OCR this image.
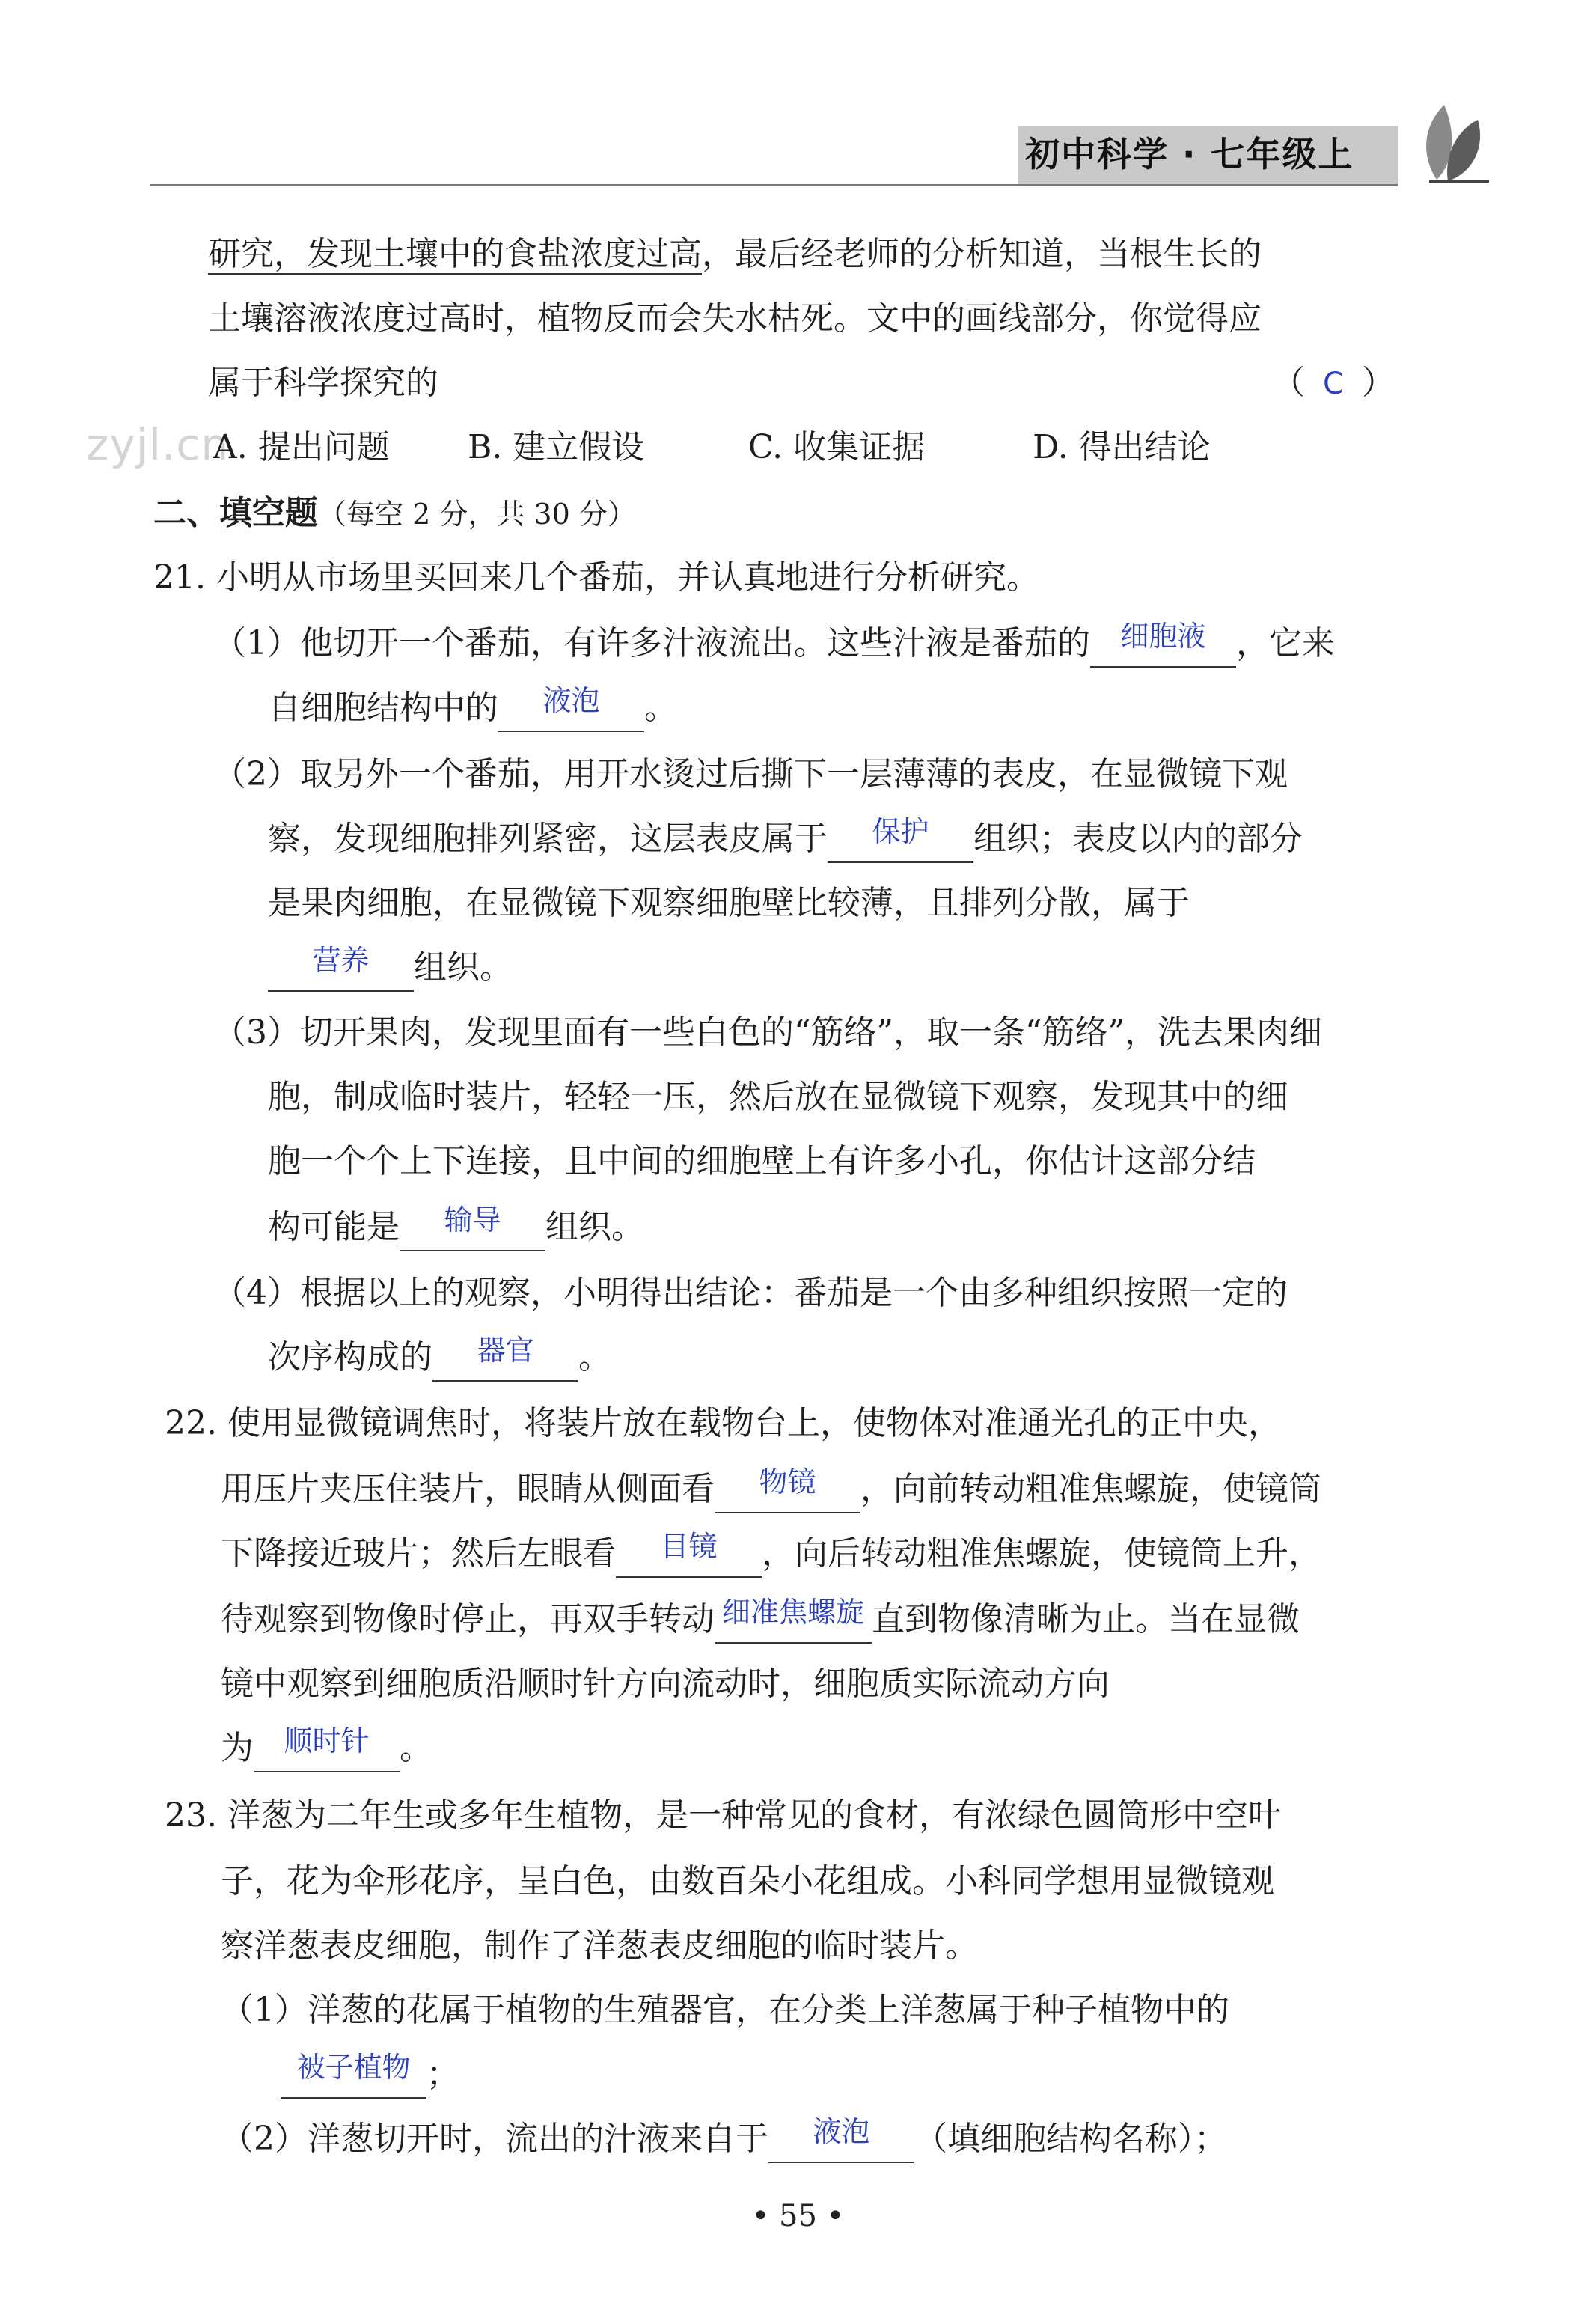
初中科学 · 七年级上
zyjl.cn
研究，发现土壤中的食盐浓度过高，最后经老师的分析知道，当根生长的
土壤溶液浓度过高时，植物反而会失水枯死。文中的画线部分，你觉得应
属于科学探究的	（ C ）
A. 提出问题 B. 建立假设	C. 收集证据	D. 得出结论
二、填空题（每空 2 分，共 30 分）
21. 小明从市场里买回来几个番茄，并认真地进行分析研究。
（1）他切开一个番茄，有许多汁液流出。这些汁液是番茄的	细胞液 ，它来
自细胞结构中的	液泡	。
（2）取另外一个番茄，用开水烫过后撕下一层薄薄的表皮，在显微镜下观
察，发现细胞排列紧密，这层表皮属于	保护	组织；表皮以内的部分
是果肉细胞，在显微镜下观察细胞壁比较薄，且排列分散，属于
营养	组织。
（3）切开果肉，发现里面有一些白色的“筋络”，取一条“筋络”，洗去果肉细
胞，制成临时装片，轻轻一压，然后放在显微镜下观察，发现其中的细
胞一个个上下连接，且中间的细胞壁上有许多小孔，你估计这部分结
构可能是	输导	组织。
（4）根据以上的观察，小明得出结论：番茄是一个由多种组织按照一定的
次序构成的	器官	。
22. 使用显微镜调焦时，将装片放在载物台上，使物体对准通光孔的正中央，
用压片夹压住装片，眼睛从侧面看	物镜	，向前转动粗准焦螺旋，使镜筒
下降接近玻片；然后左眼看	目镜	，向后转动粗准焦螺旋，使镜筒上升，
待观察到物像时停止，再双手转动 细准焦螺旋 直到物像清晰为止。当在显微
镜中观察到细胞质沿顺时针方向流动时，细胞质实际流动方向
为	顺时针 。
23. 洋葱为二年生或多年生植物，是一种常见的食材，有浓绿色圆筒形中空叶
子，花为伞形花序，呈白色，由数百朵小花组成。小科同学想用显微镜观
察洋葱表皮细胞，制作了洋葱表皮细胞的临时装片。
（1）洋葱的花属于植物的生殖器官，在分类上洋葱属于种子植物中的
被子植物 ；
（2）洋葱切开时，流出的汁液来自于	液泡	（填细胞结构名称）；
• 55 •
